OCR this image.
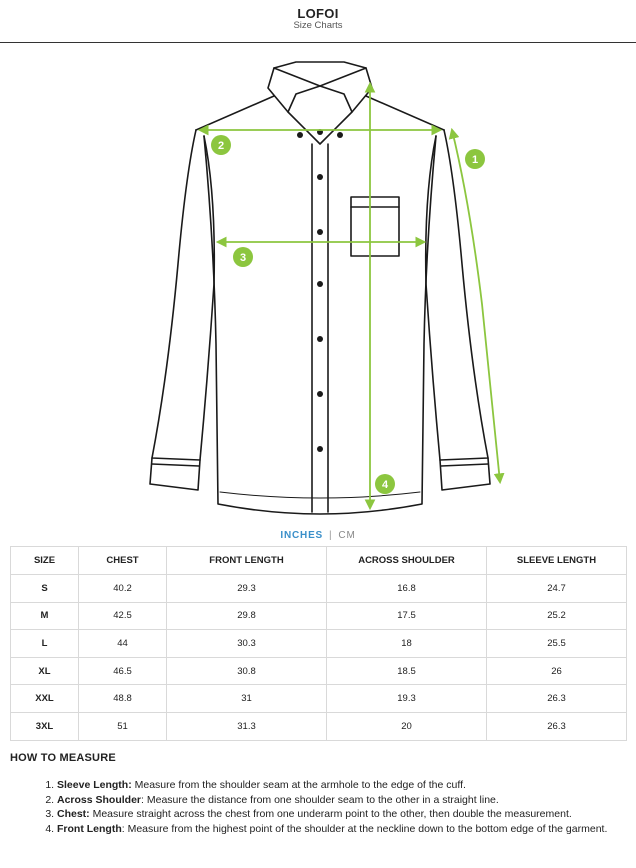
LOFOI
Size Charts
1
2
3
4
INCHES | CM
SIZE	CHEST	FRONT LENGTH	ACROSS SHOULDER	SLEEVE LENGTH
S	40.2	29.3	16.8	24.7
M	42.5	29.8	17.5	25.2
L	44	30.3	18	25.5
XL	46.5	30.8	18.5	26
XXL	48.8	31	19.3	26.3
3XL	51	31.3	20	26.3
HOW TO MEASURE
1. Sleeve Length: Measure from the shoulder seam at the armhole to the edge of the cuff.
2. Across Shoulder: Measure the distance from one shoulder seam to the other in a straight line.
3. Chest: Measure straight across the chest from one underarm point to the other, then double the measurement.
4. Front Length: Measure from the highest point of the shoulder at the neckline down to the bottom edge of the garment.
